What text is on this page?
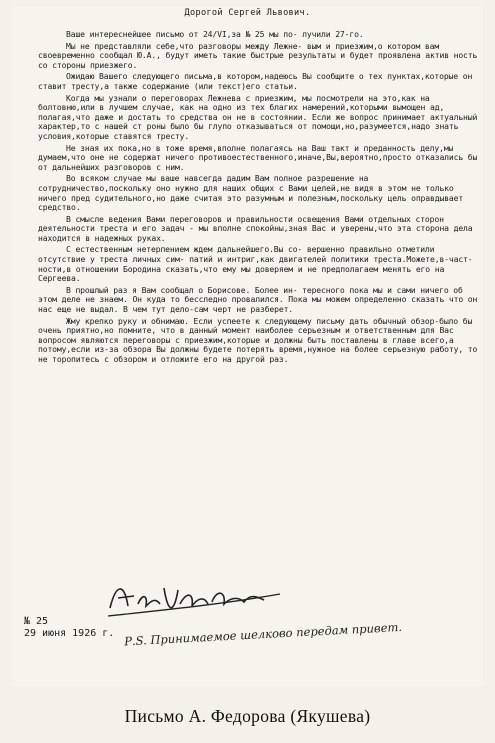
Дорогой Сергей Львович.

Ваше интереснейшее письмо от 24/VI,за № 25 мы по- лучили 27-го.

Мы не представляли себе,что разговоры между Лежне- вым и приезжим,о котором вам своевременно сообщал Ю.А., будут иметь такие быстрые результаты и будет проявлена актив ность со стороны приезжего.

Ожидаю Вашего следующего письма,в котором,надеюсь Вы сообщите о тех пунктах,которые он ставит тресту,а также содержание (или текст)его статьи.

Когда мы узнали о переговорах Лежнева с приезжим, мы посмотрели на это,как на болтовню,или в лучшем случае, как на одно из тех благих намерений,которыми вымощен ад, полагая,что даже и достать то средства он не в состоянии. Если же вопрос принимает актуальный характер,то с нашей ст роны было бы глупо отказываться от помощи,но,разумеется,надо знать условия,которые ставятся тресту.

Не зная их пока,но в тоже время,вполне полагаясь на Ваш такт и преданность делу,мы думаем,что оне не содержат ничего противоестественного,иначе,Вы,вероятно,просто отказались бы от дальнейших разговоров с ним.

Во всяком случае мы ваше навсегда дадим Вам полное разрешение на сотрудничество,поскольку оно нужно для наших общих с Вами целей,не видя в этом не только ничего пред судительного,но даже считая это разумным и полезным,поскольку цель оправдывает средство.

В смысле ведения Вами переговоров и правильности освещения Вами отдельных сторон деятельности треста и его задач - мы вполне спокойны,зная Вас и уверены,что эта сторона дела находится в надежных руках.

С естественным нетерпением ждем дальнейшего.Вы со- вершенно правильно отметили отсутствие у треста личных сим- патий и интриг,как двигателей политики треста.Можете,в-част- ности,в отношении Бородина сказать,что ему мы доверяем и не предполагаем менять его на Сергеева.

В прошлый раз я Вам сообщал о Борисове. Более ин- тересного пока мы и сами ничего об этом деле не знаем. Он куда то бесследно провалился. Пока мы можем определенно сказать что он нас еще не выдал. В чем тут дело-сам черт не разберет.

Жму крепко руку и обнимаю. Если успеете к следующему письму дать обычный обзор-было бы очень приятно,но помните, что в данный момент наиболее серьезным и ответственным для Вас вопросом являются переговоры с приезжим,которые и должны быть поставлены в главе всего,а потому,если из-за обзора Вы должны будете потерять время,нужное на более серьезную работу, то не торопитесь с обзором и отложите его на другой раз.

№ 25
29 июня 1926 г. Р.S. Принимаемое шелково передам привет.
Письмо А. Федорова (Якушева)
